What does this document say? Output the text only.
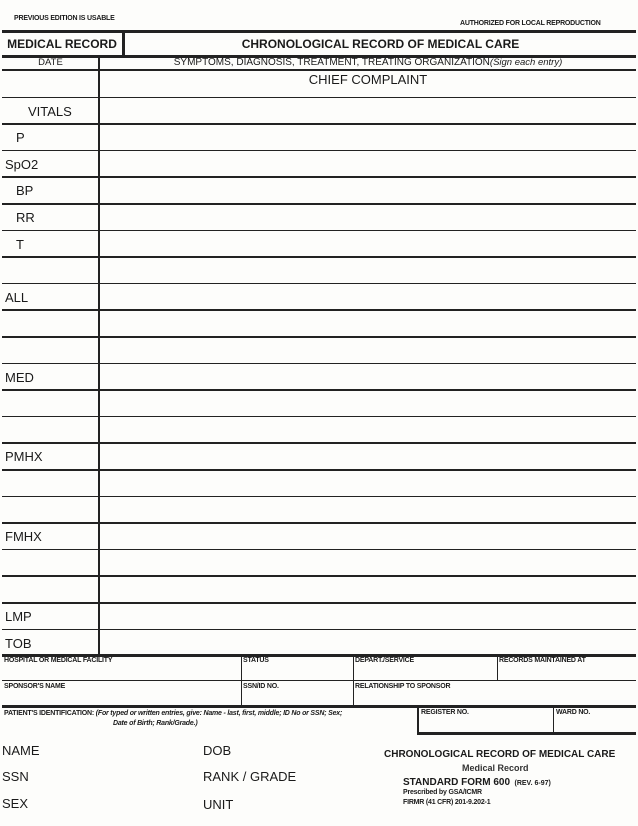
PREVIOUS EDITION IS USABLE
AUTHORIZED FOR LOCAL REPRODUCTION
MEDICAL RECORD	CHRONOLOGICAL RECORD OF MEDICAL CARE
DATE	SYMPTOMS, DIAGNOSIS, TREATMENT, TREATING ORGANIZATION(Sign each entry)
CHIEF COMPLAINT
VITALS
P
SpO2
BP
RR
T
ALL
MED
PMHX
FMHX
LMP
TOB
HOSPITAL OR MEDICAL FACILITY	STATUS	DEPART./SERVICE	RECORDS MAINTAINED AT
SPONSOR'S NAME	SSN/ID NO.	RELATIONSHIP TO SPONSOR
PATIENT'S IDENTIFICATION: (For typed or written entries, give: Name - last, first, middle; ID No or SSN; Sex;
Date of Birth; Rank/Grade.)
REGISTER NO.	WARD NO.
NAME
SSN
SEX
DOB
RANK / GRADE
UNIT
CHRONOLOGICAL RECORD OF MEDICAL CARE
Medical Record
STANDARD FORM 600 (REV. 6-97)
Prescribed by GSA/ICMR
FIRMR (41 CFR) 201-9.202-1
